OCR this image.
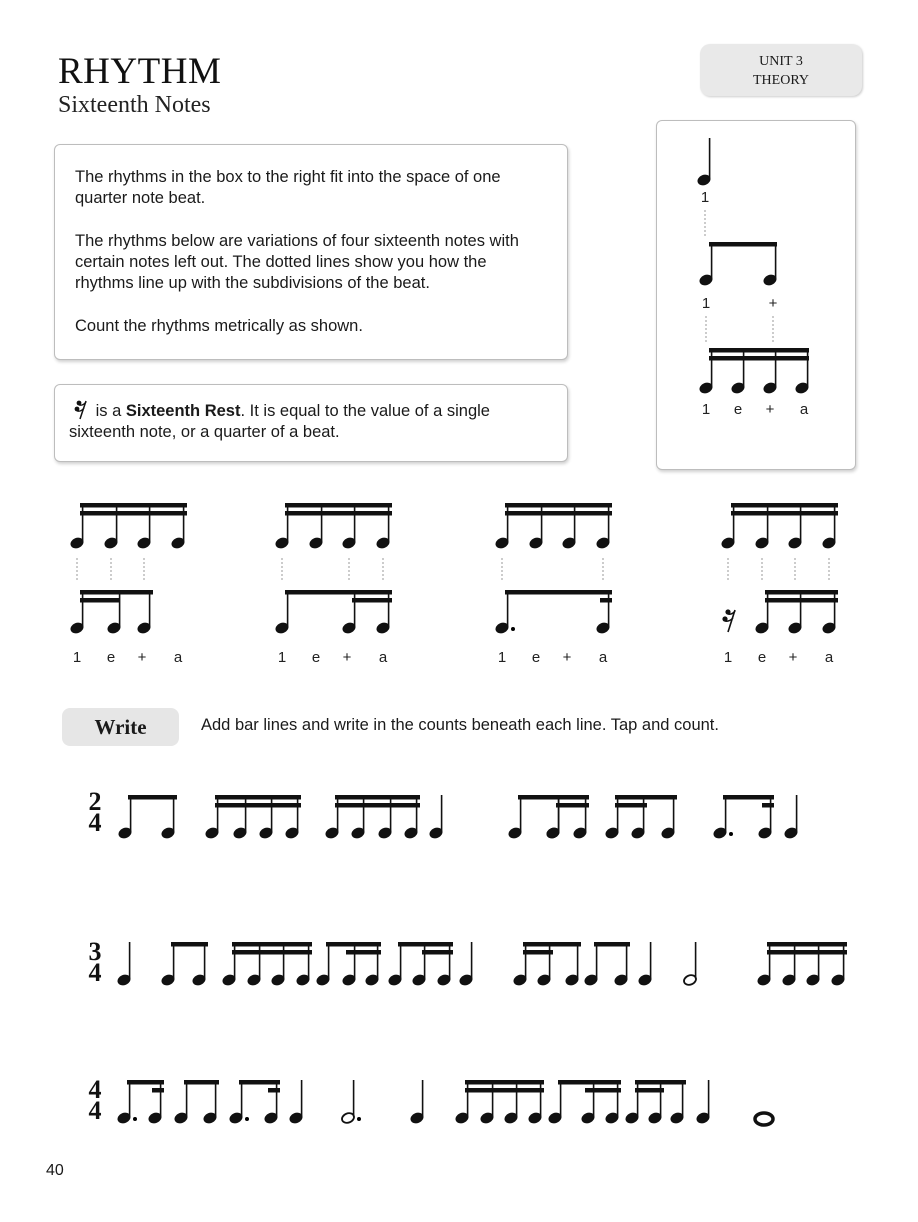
RHYTHM
Sixteenth Notes
UNIT 3
THEORY

The rhythms in the box to the right fit into the space of one quarter note beat.

The rhythms below are variations of four sixteenth notes with certain notes left out. The dotted lines show you how the rhythms line up with the subdivisions of the beat.

Count the rhythms metrically as shown.

is a Sixteenth Rest. It is equal to the value of a single sixteenth note, or a quarter of a beat.
Write	Add bar lines and write in the counts beneath each line. Tap and count.
40
1
1	+
1 e + a
1 e + a	1 e + a	1 e + a	1 e + a
2
4
3
4
4
4
